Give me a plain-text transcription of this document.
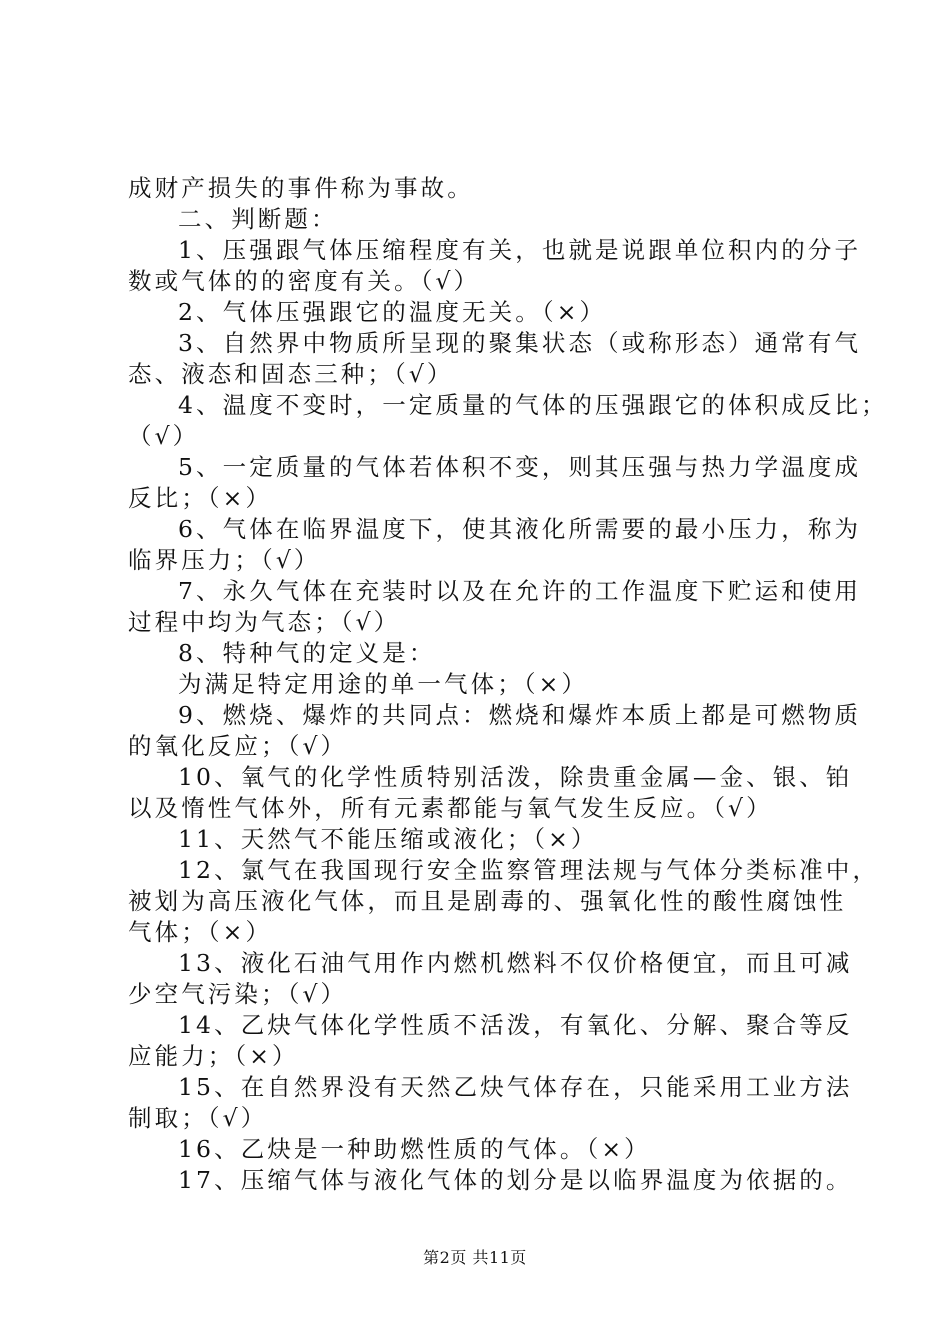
成财产损失的事件称为事故。
二、判断题：
1、压强跟气体压缩程度有关，也就是说跟单位积内的分子
数或气体的的密度有关。（√）
2、气体压强跟它的温度无关。（×）
3、自然界中物质所呈现的聚集状态（或称形态）通常有气
态、液态和固态三种；（√）
4、温度不变时，一定质量的气体的压强跟它的体积成反比；
（√）
5、一定质量的气体若体积不变，则其压强与热力学温度成
反比；（×）
6、气体在临界温度下，使其液化所需要的最小压力，称为
临界压力；（√）
7、永久气体在充装时以及在允许的工作温度下贮运和使用
过程中均为气态；（√）
8、特种气的定义是：
为满足特定用途的单一气体；（×）
9、燃烧、爆炸的共同点：燃烧和爆炸本质上都是可燃物质
的氧化反应；（√）
10、氧气的化学性质特别活泼，除贵重金属—金、银、铂
以及惰性气体外，所有元素都能与氧气发生反应。（√）
11、天然气不能压缩或液化；（×）
12、氯气在我国现行安全监察管理法规与气体分类标准中，
被划为高压液化气体，而且是剧毒的、强氧化性的酸性腐蚀性
气体；（×）
13、液化石油气用作内燃机燃料不仅价格便宜，而且可减
少空气污染；（√）
14、乙炔气体化学性质不活泼，有氧化、分解、聚合等反
应能力；（×）
15、在自然界没有天然乙炔气体存在，只能采用工业方法
制取；（√）
16、乙炔是一种助燃性质的气体。（×）
17、压缩气体与液化气体的划分是以临界温度为依据的。
第2页 共11页
